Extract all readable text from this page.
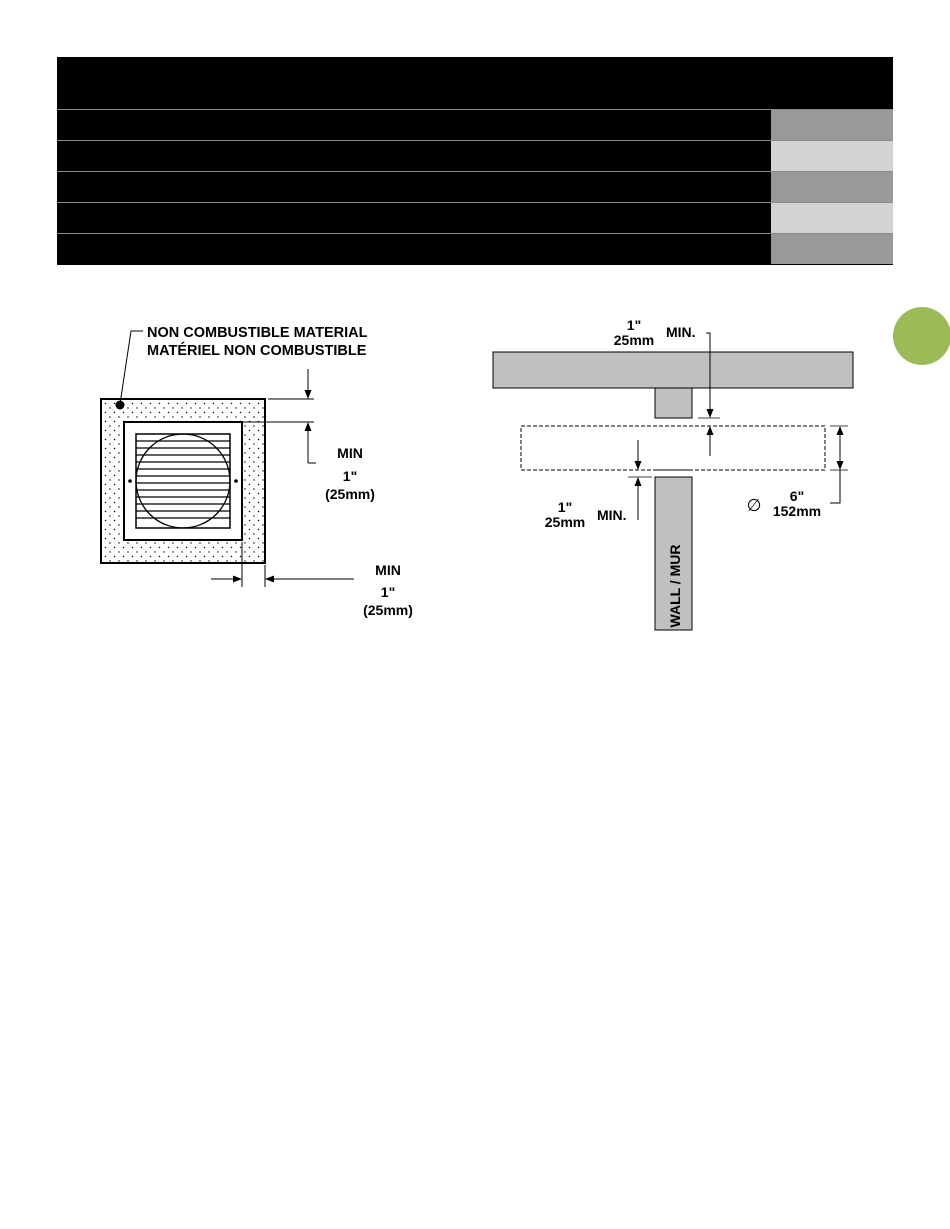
NON COMBUSTIBLE MATERIAL
MATÉRIEL NON COMBUSTIBLE
MIN
1"
(25mm)
MIN
1"
(25mm)
1"
25mm MIN.
1"
25mm MIN.
WALL / MUR
∅ 6"
152mm
